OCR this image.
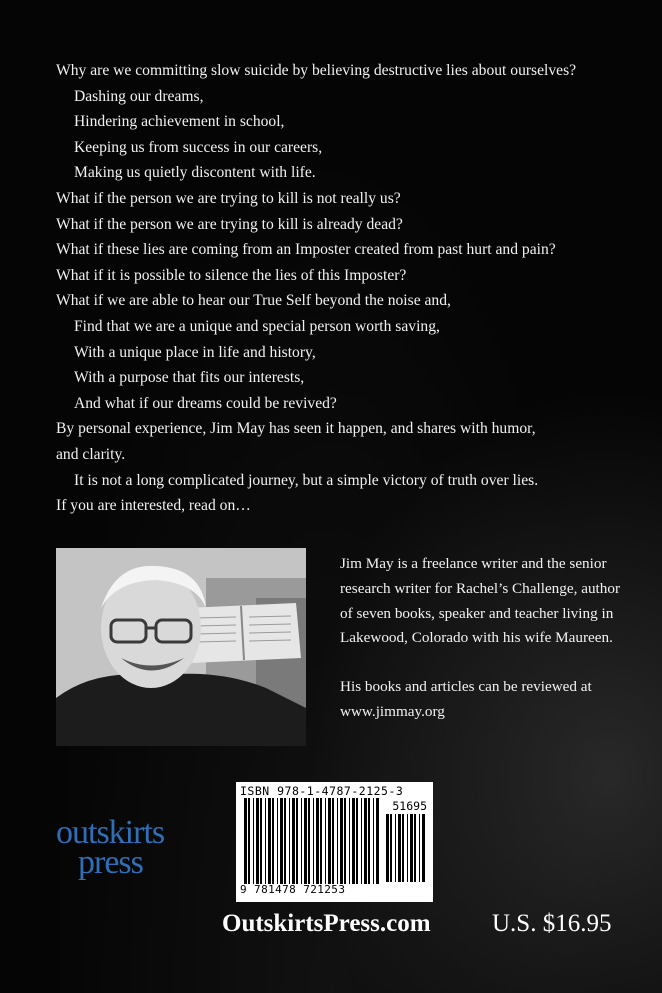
Why are we committing slow suicide by believing destructive lies about ourselves?
Dashing our dreams,
Hindering achievement in school,
Keeping us from success in our careers,
Making us quietly discontent with life.
What if the person we are trying to kill is not really us?
What if the person we are trying to kill is already dead?
What if these lies are coming from an Imposter created from past hurt and pain?
What if it is possible to silence the lies of this Imposter?
What if we are able to hear our True Self beyond the noise and,
Find that we are a unique and special person worth saving,
With a unique place in life and history,
With a purpose that fits our interests,
And what if our dreams could be revived?
By personal experience, Jim May has seen it happen, and shares with humor,
and clarity.
It is not a long complicated journey, but a simple victory of truth over lies.
If you are interested, read on…

Jim May is a freelance writer and the senior research writer for Rachel’s Challenge, author of seven books, speaker and teacher living in Lakewood, Colorado with his wife Maureen.

His books and articles can be reviewed at www.jimmay.org

ISBN 978-1-4787-2125-3
51695
9 781478 721253
outskirts
press
OutskirtsPress.com U.S. $16.95
